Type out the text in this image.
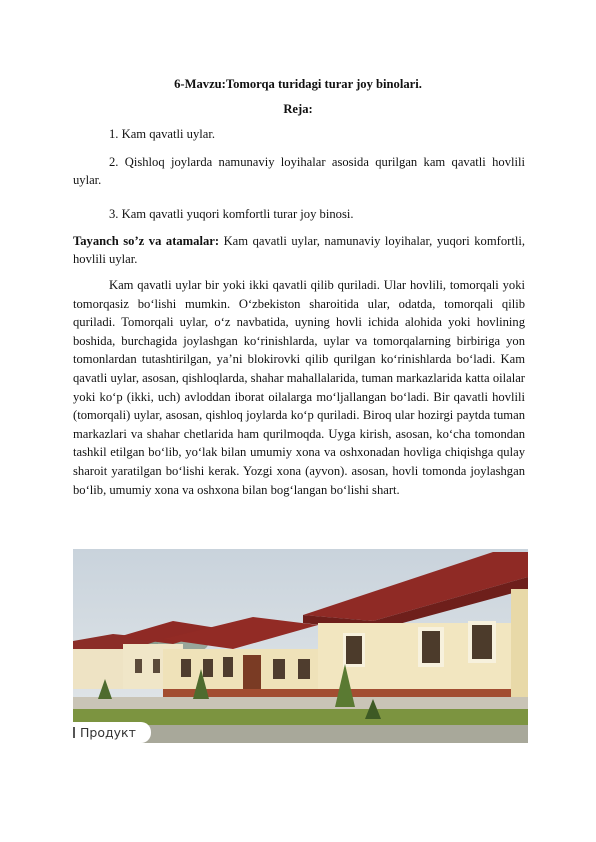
6-Mavzu:Tomorqa turidagi turar joy binolari.
Reja:
1. Kam qavatli uylar.
2. Qishloq joylarda namunaviy loyihalar asosida qurilgan kam qavatli hovlili uylar.
3. Kam qavatli yuqori komfortli turar joy binosi.
Tayanch so’z va atamalar: Kam qavatli uylar, namunaviy loyihalar, yuqori komfortli, hovlili uylar.
Kam qavatli uylar bir yoki ikki qavatli qilib quriladi. Ular hovlili, tomorqali yoki tomorqasiz bo‘lishi mumkin. O‘zbekiston sharoitida ular, odatda, tomorqali qilib quriladi. Tomorqali uylar, o‘z navbatida, uyning hovli ichida alohida yoki hovlining boshida, burchagida joylashgan ko‘rinishlarda, uylar va tomorqalarning birbiriga yon tomonlardan tutashtirilgan, ya’ni blokirovki qilib qurilgan ko‘rinishlarda bo‘ladi. Kam qavatli uylar, asosan, qishloqlarda, shahar mahallalarida, tuman markazlarida katta oilalar yoki ko‘p (ikki, uch) avloddan iborat oilalarga mo‘ljallangan bo‘ladi. Bir qavatli hovlili (tomorqali) uylar, asosan, qishloq joylarda ko‘p quriladi. Biroq ular hozirgi paytda tuman markazlari va shahar chetlarida ham qurilmoqda. Uyga kirish, asosan, ko‘cha tomondan tashkil etilgan bo‘lib, yo‘lak bilan umumiy xona va oshxonadan hovliga chiqishga qulay sharoit yaratilgan bo‘lishi kerak. Yozgi xona (ayvon). asosan, hovli tomonda joylashgan bo‘lib, umumiy xona va oshxona bilan bog‘langan bo‘lishi shart.
Продукт
